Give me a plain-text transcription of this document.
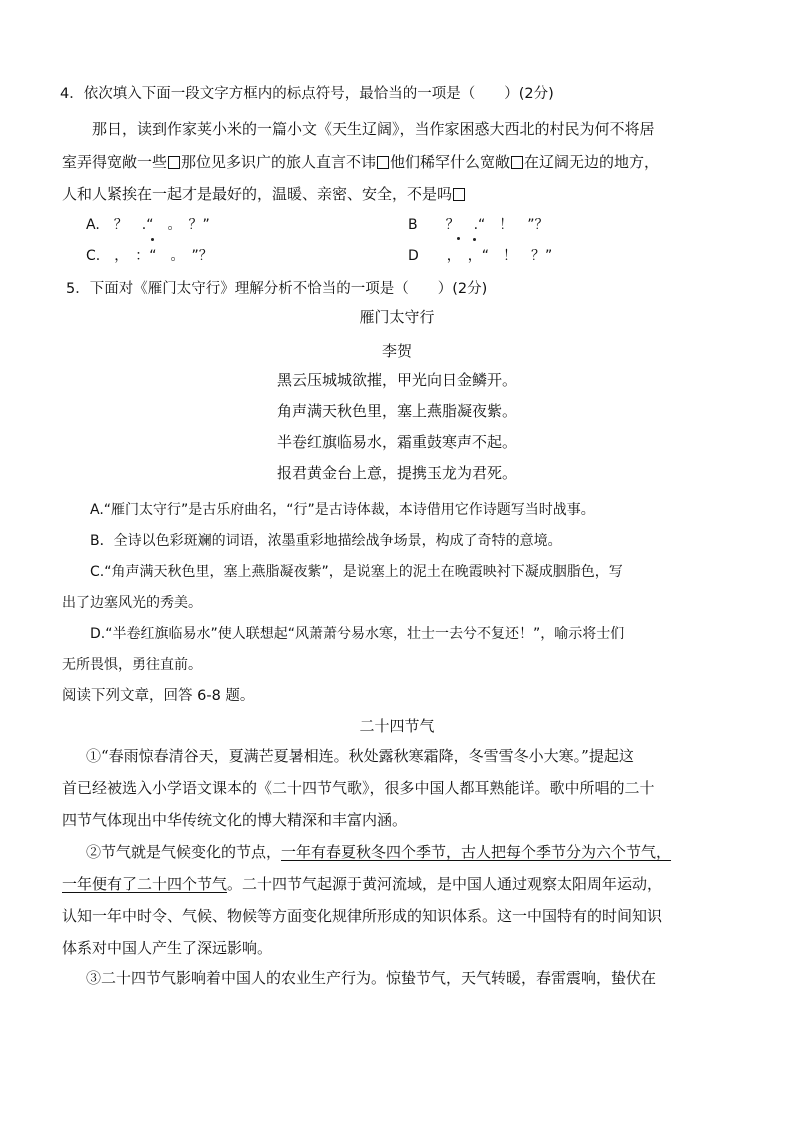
4．依次填入下面一段文字方框内的标点符号，最恰当的一项是（　　）(2分)
那日，读到作家荚小米的一篇小文《天生辽阔》，当作家困惑大西北的村民为何不将居
室弄得宽敞一些 那位见多识广的旅人直言不讳 他们稀罕什么宽敞 在辽阔无边的地方，
人和人紧挨在一起才是最好的，温暖、亲密、安全，不是吗
A.　？　.“　。　？”	B　　？　.“　！　”？
C.　，　：“　。　”？	D　　，　，“　！　？”
5．下面对《雁门太守行》理解分析不恰当的一项是（　　）(2分)
雁门太守行
李贺
黑云压城城欲摧，甲光向日金鳞开。
角声满天秋色里，塞上燕脂凝夜紫。
半卷红旗临易水，霜重鼓寒声不起。
报君黄金台上意，提携玉龙为君死。
A.“雁门太守行”是古乐府曲名，“行”是古诗体裁，本诗借用它作诗题写当时战事。
B．全诗以色彩斑斓的词语，浓墨重彩地描绘战争场景，构成了奇特的意境。
C.“角声满天秋色里，塞上燕脂凝夜紫”，是说塞上的泥土在晚霞映衬下凝成胭脂色，写
出了边塞风光的秀美。
D.“半卷红旗临易水”使人联想起“风萧萧兮易水寒，壮士一去兮不复还！”，喻示将士们
无所畏惧，勇往直前。
阅读下列文章，回答 6-8 题。
二十四节气
①“春雨惊春清谷天，夏满芒夏暑相连。秋处露秋寒霜降，冬雪雪冬小大寒。”提起这
首已经被选入小学语文课本的《二十四节气歌》，很多中国人都耳熟能详。歌中所唱的二十
四节气体现出中华传统文化的博大精深和丰富内涵。
②节气就是气候变化的节点，一年有春夏秋冬四个季节，古人把每个季节分为六个节气，
一年便有了二十四个节气。二十四节气起源于黄河流域，是中国人通过观察太阳周年运动，
认知一年中时令、气候、物候等方面变化规律所形成的知识体系。这一中国特有的时间知识
体系对中国人产生了深远影响。
③二十四节气影响着中国人的农业生产行为。惊蛰节气，天气转暖，春雷震响，蛰伏在
